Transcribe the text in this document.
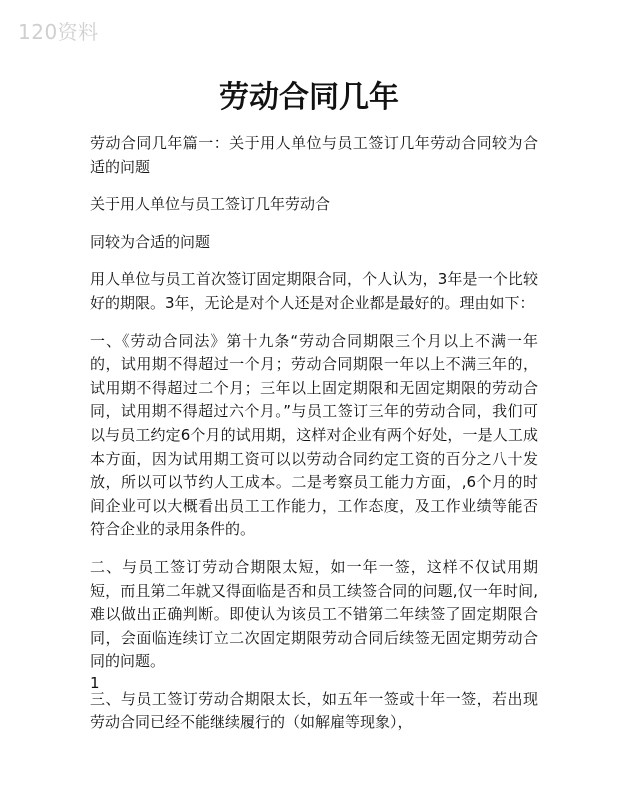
120资料
劳动合同几年

劳动合同几年篇一：关于用人单位与员工签订几年劳动合同较为合适的问题

关于用人单位与员工签订几年劳动合

同较为合适的问题

用人单位与员工首次签订固定期限合同，个人认为，3年是一个比较好的期限。3年，无论是对个人还是对企业都是最好的。理由如下：

一、《劳动合同法》第十九条“劳动合同期限三个月以上不满一年的，试用期不得超过一个月；劳动合同期限一年以上不满三年的，试用期不得超过二个月；三年以上固定期限和无固定期限的劳动合同，试用期不得超过六个月。”与员工签订三年的劳动合同，我们可以与员工约定6个月的试用期，这样对企业有两个好处，一是人工成本方面，因为试用期工资可以以劳动合同约定工资的百分之八十发放，所以可以节约人工成本。二是考察员工能力方面，,6个月的时间企业可以大概看出员工工作能力，工作态度，及工作业绩等能否符合企业的录用条件的。

二、与员工签订劳动合期限太短，如一年一签，这样不仅试用期短，而且第二年就又得面临是否和员工续签合同的问题,仅一年时间,难以做出正确判断。即使认为该员工不错第二年续签了固定期限合同，会面临连续订立二次固定期限劳动合同后续签无固定期劳动合同的问题。

三、与员工签订劳动合期限太长，如五年一签或十年一签，若出现劳动合同已经不能继续履行的（如解雇等现象），

1
